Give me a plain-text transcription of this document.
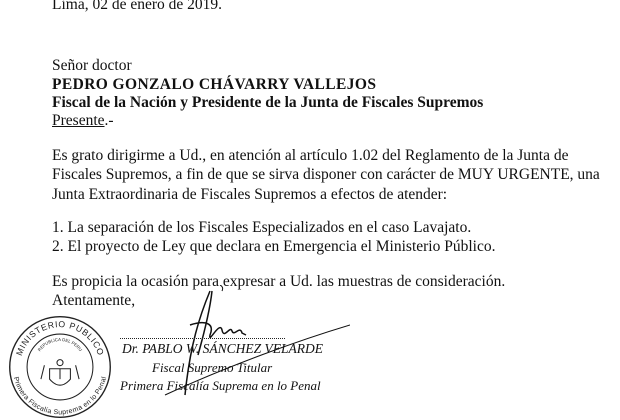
Lima, 02 de enero de 2019.
Señor doctor
PEDRO GONZALO CHÁVARRY VALLEJOS
Fiscal de la Nación y Presidente de la Junta de Fiscales Supremos
Presente.-
Es grato dirigirme a Ud., en atención al artículo 1.02 del Reglamento de la Junta de
Fiscales Supremos, a fin de que se sirva disponer con carácter de MUY URGENTE, una
Junta Extraordinaria de Fiscales Supremos a efectos de atender:
1. La separación de los Fiscales Especializados en el caso Lavajato.
2. El proyecto de Ley que declara en Emergencia el Ministerio Público.
Es propicia la ocasión para expresar a Ud. las muestras de consideración.
Atentamente,
MINISTERIO PUBLICO
Primera Fiscalía Suprema en lo Penal
REPUBLICA DEL PERU	Dr. PABLO W. SÁNCHEZ VELARDE
Fiscal Supremo Titular
Primera Fiscalía Suprema en lo Penal
